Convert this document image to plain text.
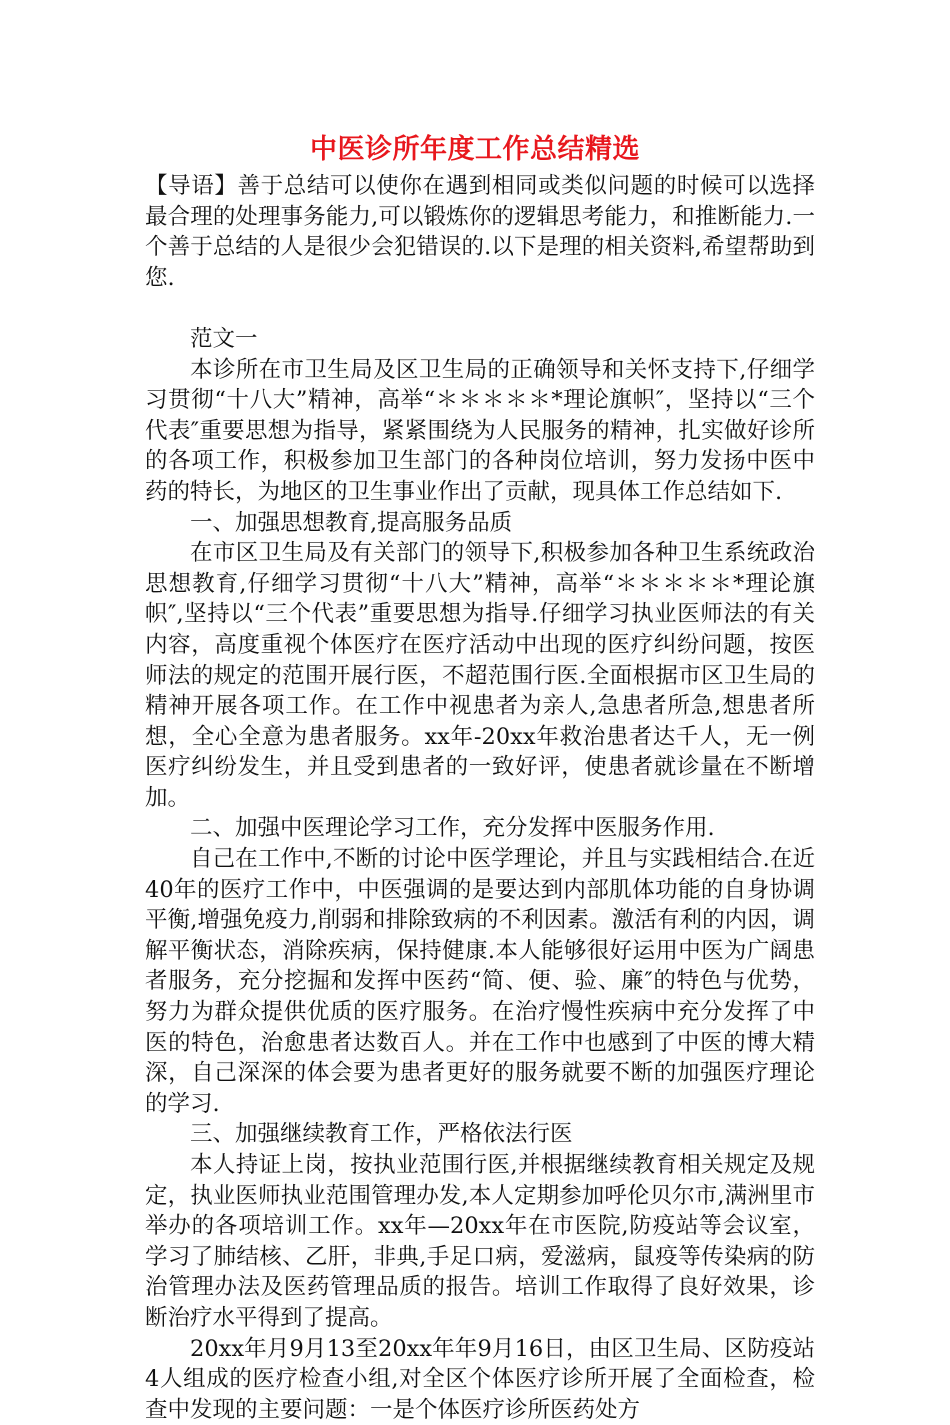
中医诊所年度工作总结精选

【导语】善于总结可以使你在遇到相同或类似问题的时候可以选择最合理的处理事务能力,可以锻炼你的逻辑思考能力，和推断能力.一个善于总结的人是很少会犯错误的.以下是理的相关资料,希望帮助到您.

范文一

本诊所在市卫生局及区卫生局的正确领导和关怀支持下,仔细学习贯彻“十八大”精神，高举“＊＊＊＊＊*理论旗帜″，坚持以“三个代表″重要思想为指导，紧紧围绕为人民服务的精神，扎实做好诊所的各项工作，积极参加卫生部门的各种岗位培训，努力发扬中医中药的特长，为地区的卫生事业作出了贡献，现具体工作总结如下.

一、加强思想教育,提高服务品质

在市区卫生局及有关部门的领导下,积极参加各种卫生系统政治思想教育,仔细学习贯彻“十八大”精神，高举“＊＊＊＊＊*理论旗帜″,坚持以“三个代表”重要思想为指导.仔细学习执业医师法的有关内容，高度重视个体医疗在医疗活动中出现的医疗纠纷问题，按医师法的规定的范围开展行医，不超范围行医.全面根据市区卫生局的精神开展各项工作。在工作中视患者为亲人,急患者所急,想患者所想，全心全意为患者服务。xx年-20xx年救治患者达千人，无一例医疗纠纷发生，并且受到患者的一致好评，使患者就诊量在不断增加。

二、加强中医理论学习工作，充分发挥中医服务作用.

自己在工作中,不断的讨论中医学理论，并且与实践相结合.在近40年的医疗工作中，中医强调的是要达到内部肌体功能的自身协调平衡,增强免疫力,削弱和排除致病的不利因素。激活有利的内因，调解平衡状态，消除疾病，保持健康.本人能够很好运用中医为广阔患者服务，充分挖掘和发挥中医药“简、便、验、廉″的特色与优势，努力为群众提供优质的医疗服务。在治疗慢性疾病中充分发挥了中医的特色，治愈患者达数百人。并在工作中也感到了中医的博大精深，自己深深的体会要为患者更好的服务就要不断的加强医疗理论的学习.

三、加强继续教育工作，严格依法行医

本人持证上岗，按执业范围行医,并根据继续教育相关规定及规定，执业医师执业范围管理办发,本人定期参加呼伦贝尔市,满洲里市举办的各项培训工作。xx年—20xx年在市医院,防疫站等会议室，学习了肺结核、乙肝，非典,手足口病，爱滋病，鼠疫等传染病的防治管理办法及医药管理品质的报告。培训工作取得了良好效果，诊断治疗水平得到了提高。

20xx年月9月13至20xx年年9月16日，由区卫生局、区防疫站4人组成的医疗检查小组,对全区个体医疗诊所开展了全面检查，检查中发现的主要问题：一是个体医疗诊所医药处方
